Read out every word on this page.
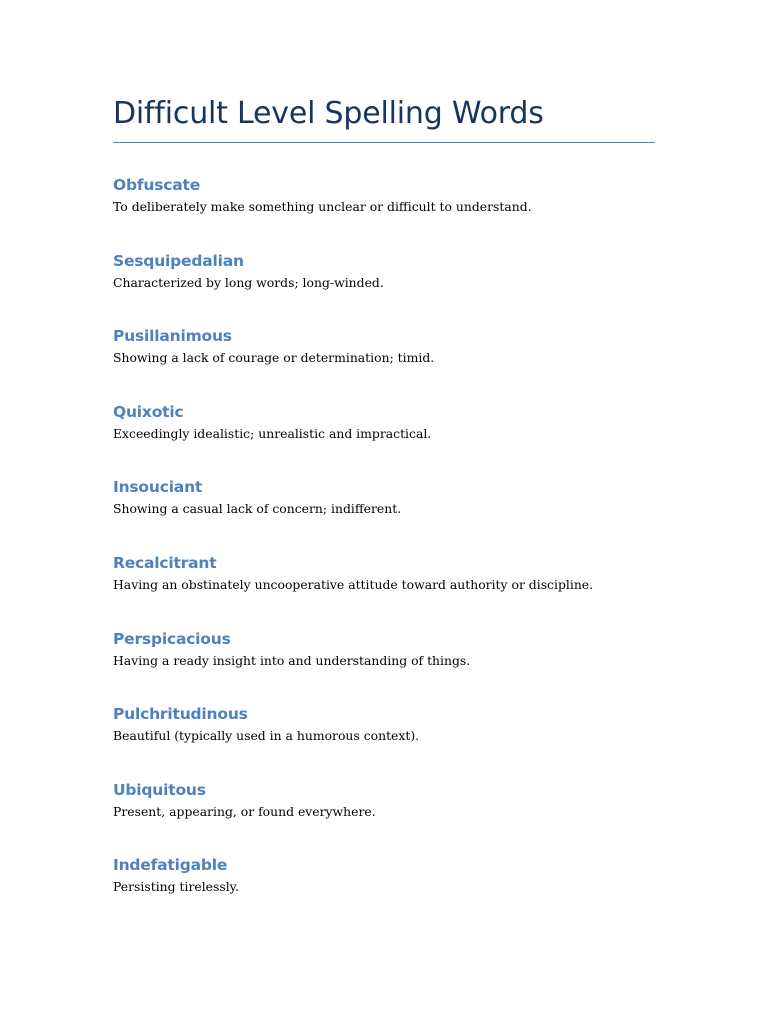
Difficult Level Spelling Words
Obfuscate

To deliberately make something unclear or difficult to understand.

Sesquipedalian

Characterized by long words; long-winded.

Pusillanimous

Showing a lack of courage or determination; timid.

Quixotic

Exceedingly idealistic; unrealistic and impractical.

Insouciant

Showing a casual lack of concern; indifferent.

Recalcitrant

Having an obstinately uncooperative attitude toward authority or discipline.

Perspicacious

Having a ready insight into and understanding of things.

Pulchritudinous

Beautiful (typically used in a humorous context).

Ubiquitous

Present, appearing, or found everywhere.

Indefatigable

Persisting tirelessly.
